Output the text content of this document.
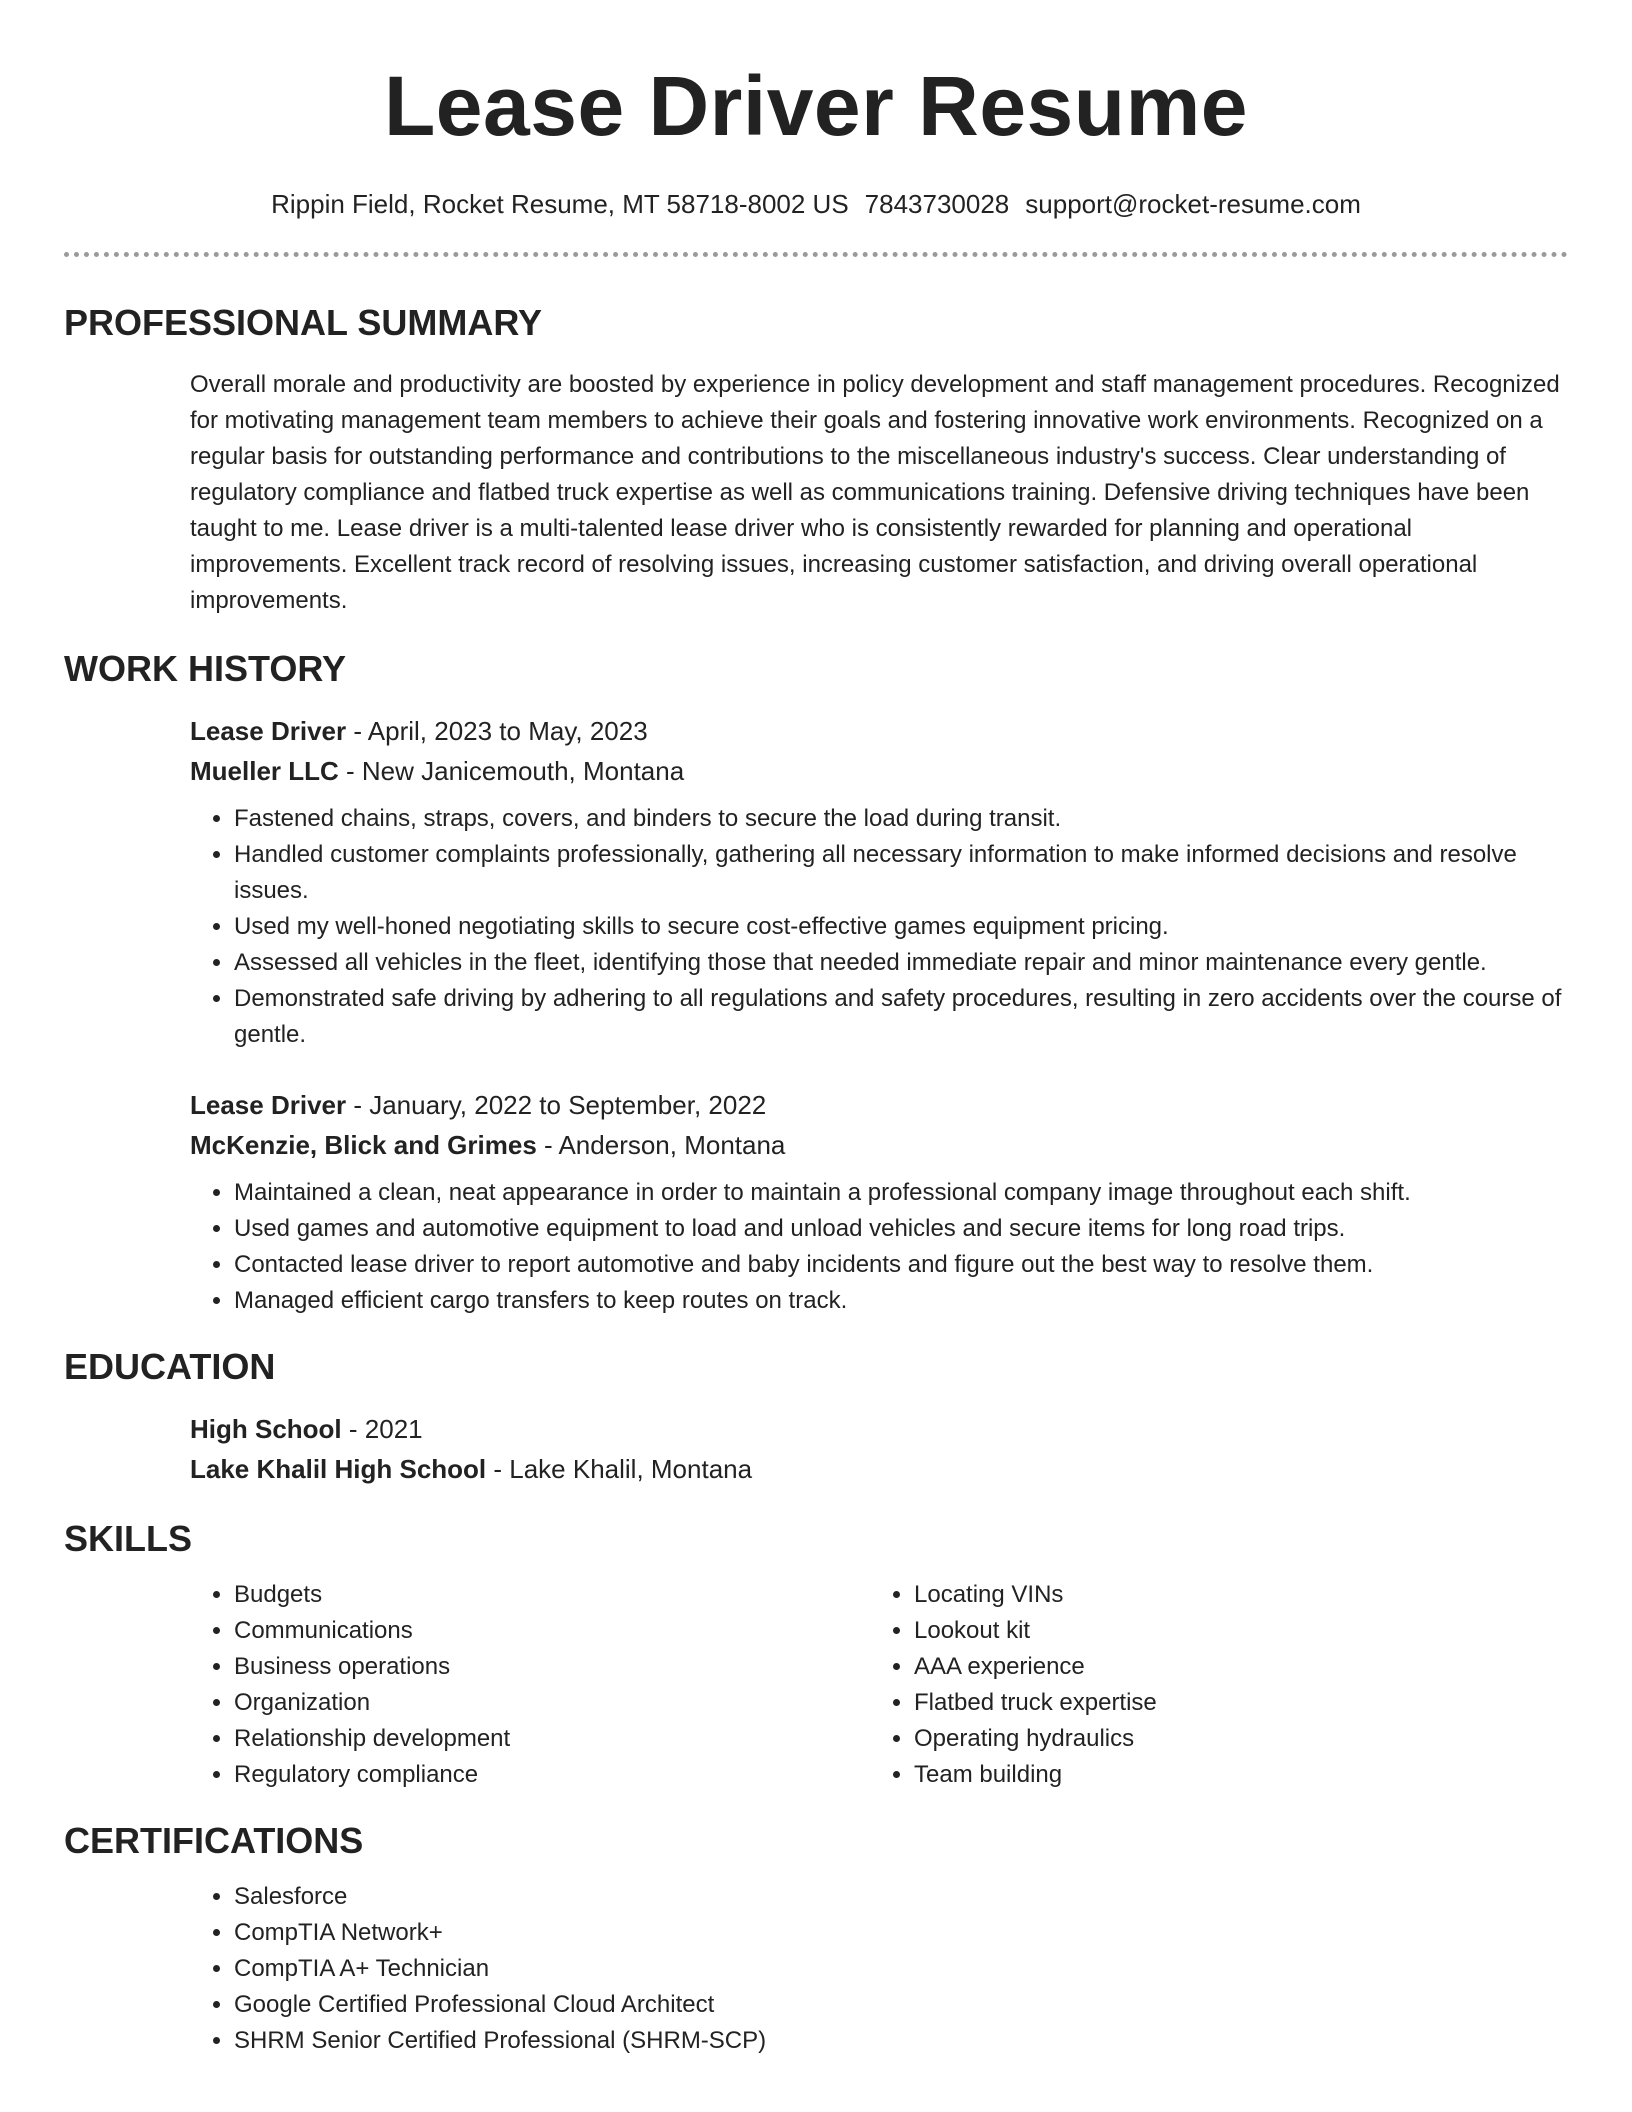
Lease Driver Resume
Rippin Field, Rocket Resume, MT 58718-8002 US 7843730028 support@rocket-resume.com
PROFESSIONAL SUMMARY

Overall morale and productivity are boosted by experience in policy development and staff management procedures. Recognized for motivating management team members to achieve their goals and fostering innovative work environments. Recognized on a regular basis for outstanding performance and contributions to the miscellaneous industry's success. Clear understanding of regulatory compliance and flatbed truck expertise as well as communications training. Defensive driving techniques have been taught to me. Lease driver is a multi-talented lease driver who is consistently rewarded for planning and operational improvements. Excellent track record of resolving issues, increasing customer satisfaction, and driving overall operational improvements.

WORK HISTORY
Lease Driver - April, 2023 to May, 2023
Mueller LLC - New Janicemouth, Montana
• Fastened chains, straps, covers, and binders to secure the load during transit.
• Handled customer complaints professionally, gathering all necessary information to make informed decisions and resolve issues.
• Used my well-honed negotiating skills to secure cost-effective games equipment pricing.
• Assessed all vehicles in the fleet, identifying those that needed immediate repair and minor maintenance every gentle.
• Demonstrated safe driving by adhering to all regulations and safety procedures, resulting in zero accidents over the course of gentle.
Lease Driver - January, 2022 to September, 2022
McKenzie, Blick and Grimes - Anderson, Montana
• Maintained a clean, neat appearance in order to maintain a professional company image throughout each shift.
• Used games and automotive equipment to load and unload vehicles and secure items for long road trips.
• Contacted lease driver to report automotive and baby incidents and figure out the best way to resolve them.
• Managed efficient cargo transfers to keep routes on track.
EDUCATION
High School - 2021
Lake Khalil High School - Lake Khalil, Montana
SKILLS
• Budgets
• Communications
• Business operations
• Organization
• Relationship development
• Regulatory compliance
• Locating VINs
• Lookout kit
• AAA experience
• Flatbed truck expertise
• Operating hydraulics
• Team building
CERTIFICATIONS
• Salesforce
• CompTIA Network+
• CompTIA A+ Technician
• Google Certified Professional Cloud Architect
• SHRM Senior Certified Professional (SHRM-SCP)
